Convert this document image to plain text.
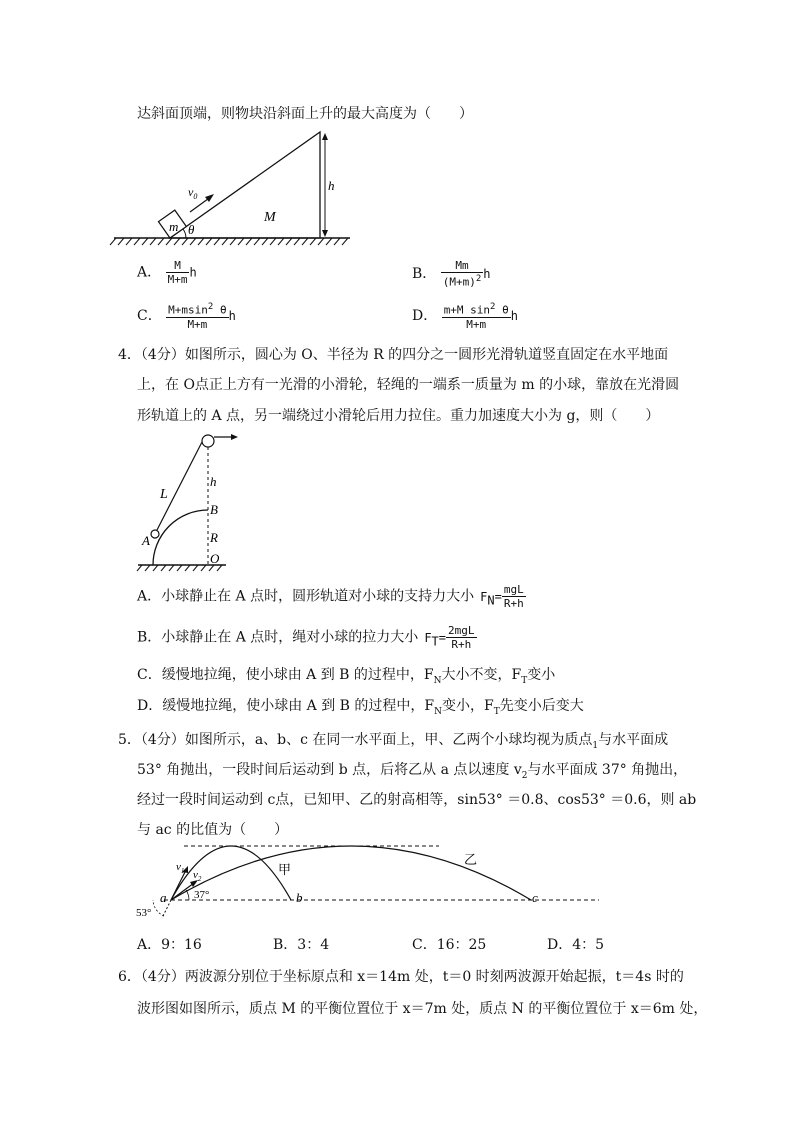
达斜面顶端，则物块沿斜面上升的最大高度为（　　）
$v_0$
m θ
M
h
A． $\frac{M}{M+m}$ h	B． $\frac{Mm}{(M+m)^2}$ h
C． $\frac{M+msin^2 \theta}{M+m}$ h	D． $\frac{m+M \sin^2 \theta}{M+m}$ h
4．（4分）如图所示，圆心为 O、半径为 R 的四分之一圆形光滑轨道竖直固定在水平地面
上，在 O点正上方有一光滑的小滑轮，轻绳的一端系一质量为 m 的小球，靠放在光滑圆
形轨道上的 A 点，另一端绕过小滑轮后用力拉住。重力加速度大小为 g，则（　　）
L
h
B
R
A
O
A．小球静止在 A 点时，圆形轨道对小球的支持力大小 $F_N= \frac{\text{mgL}}{R+h}$
B．小球静止在 A 点时，绳对小球的拉力大小 $F_T= \frac{\text{2mgL}}{R+h}$
C．缓慢地拉绳，使小球由 A 到 B 的过程中，$F_N$大小不变，$F_T$变小
D．缓慢地拉绳，使小球由 A 到 B 的过程中，$F_N$变小，$F_T$先变小后变大
5．（4分）如图所示，a、b、c 在同一水平面上，甲、乙两个小球均视为质点$_1$与水平面成
53° 角抛出，一段时间后运动到 b 点，后将乙从 a 点以速度 $v_2$与水平面成 37° 角抛出，
经过一段时间运动到 c点，已知甲、乙的射高相等，sin53° ＝0.8、cos53° ＝0.6，则 ab
与 ac 的比值为（　　）
$v_1$ $v_2$
甲
乙
a	b	c
37°
53°
A．9：16	B．3：4	C．16：25	D．4：5
6．（4分）两波源分别位于坐标原点和 x＝14m 处，t＝0 时刻两波源开始起振，t＝4s 时的
波形图如图所示，质点 M 的平衡位置位于 x＝7m 处，质点 N 的平衡位置位于 x＝6m 处，
